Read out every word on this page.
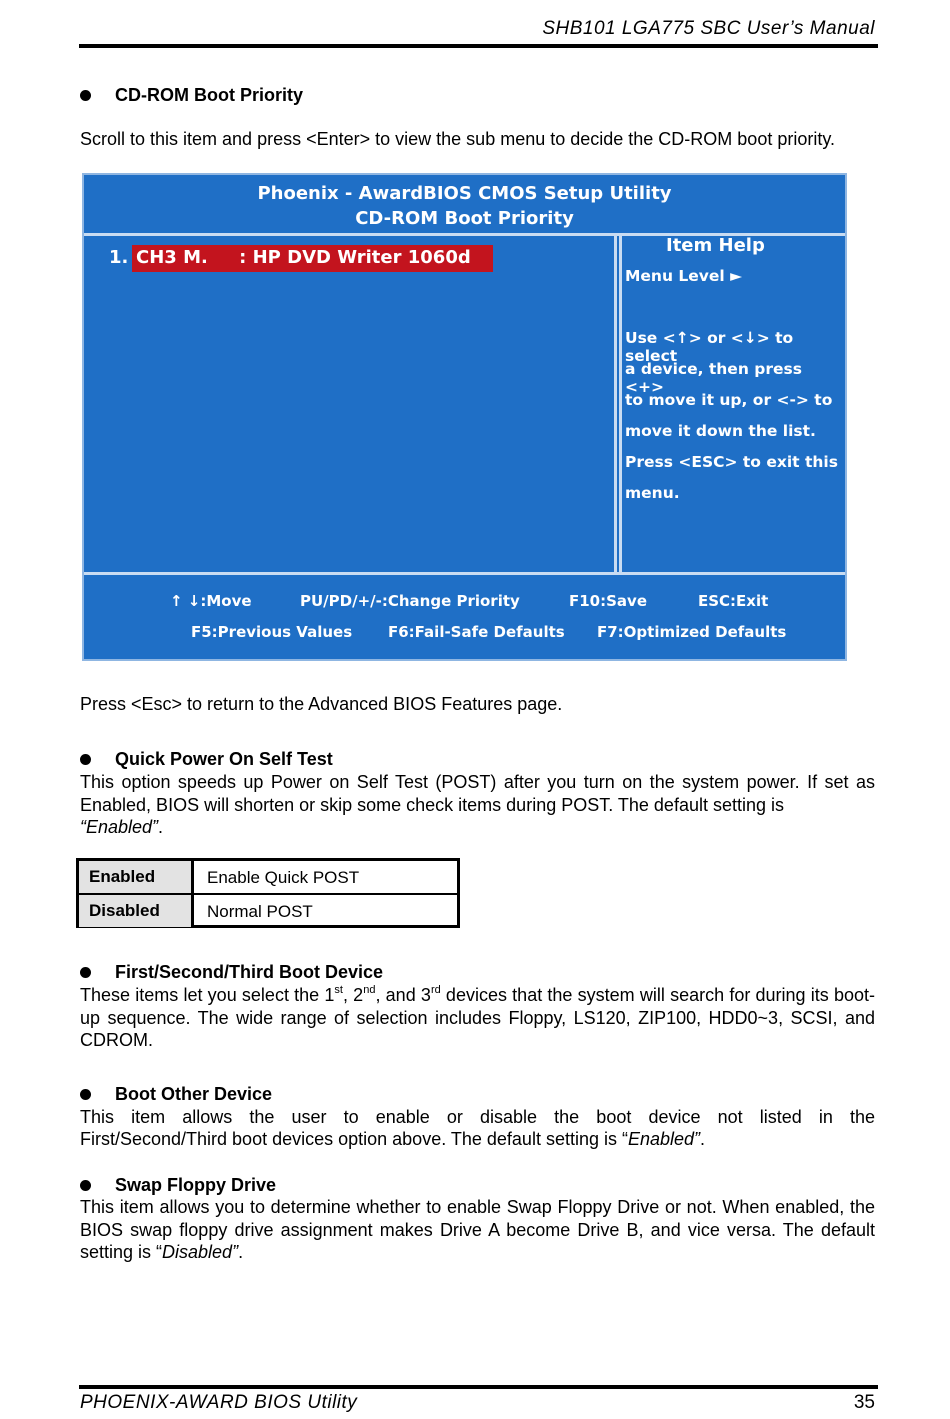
SHB101 LGA775 SBC User’s Manual
CD-ROM Boot Priority
Scroll to this item and press <Enter> to view the sub menu to decide the CD-ROM boot priority.
Phoenix - AwardBIOS CMOS Setup Utility
CD-ROM Boot Priority
1. CH3 M.     : HP DVD Writer 1060d
Item Help
Menu Level ►
Use <↑> or <↓> to select
a device, then press <+>
to move it up, or <-> to
move it down the list.
Press <ESC> to exit this
menu.
↑ ↓:Move	PU/PD/+/-:Change Priority	F10:Save	ESC:Exit
F5:Previous Values F6:Fail-Safe Defaults F7:Optimized Defaults
Press <Esc> to return to the Advanced BIOS Features page.
Quick Power On Self Test
This option speeds up Power on Self Test (POST) after you turn on the system power. If set as Enabled, BIOS will shorten or skip some check items during POST. The default setting is
“Enabled”.
Enabled	Enable Quick POST
Disabled	Normal POST
First/Second/Third Boot Device
These items let you select the 1st, 2nd, and 3rd devices that the system will search for during its boot-up sequence. The wide range of selection includes Floppy, LS120, ZIP100, HDD0~3, SCSI, and CDROM.
Boot Other Device
This item allows the user to enable or disable the boot device not listed in the
First/Second/Third boot devices option above. The default setting is “Enabled”.
Swap Floppy Drive
This item allows you to determine whether to enable Swap Floppy Drive or not. When enabled, the BIOS swap floppy drive assignment makes Drive A become Drive B, and vice versa. The default setting is “Disabled”.
PHOENIX-AWARD BIOS Utility	35
